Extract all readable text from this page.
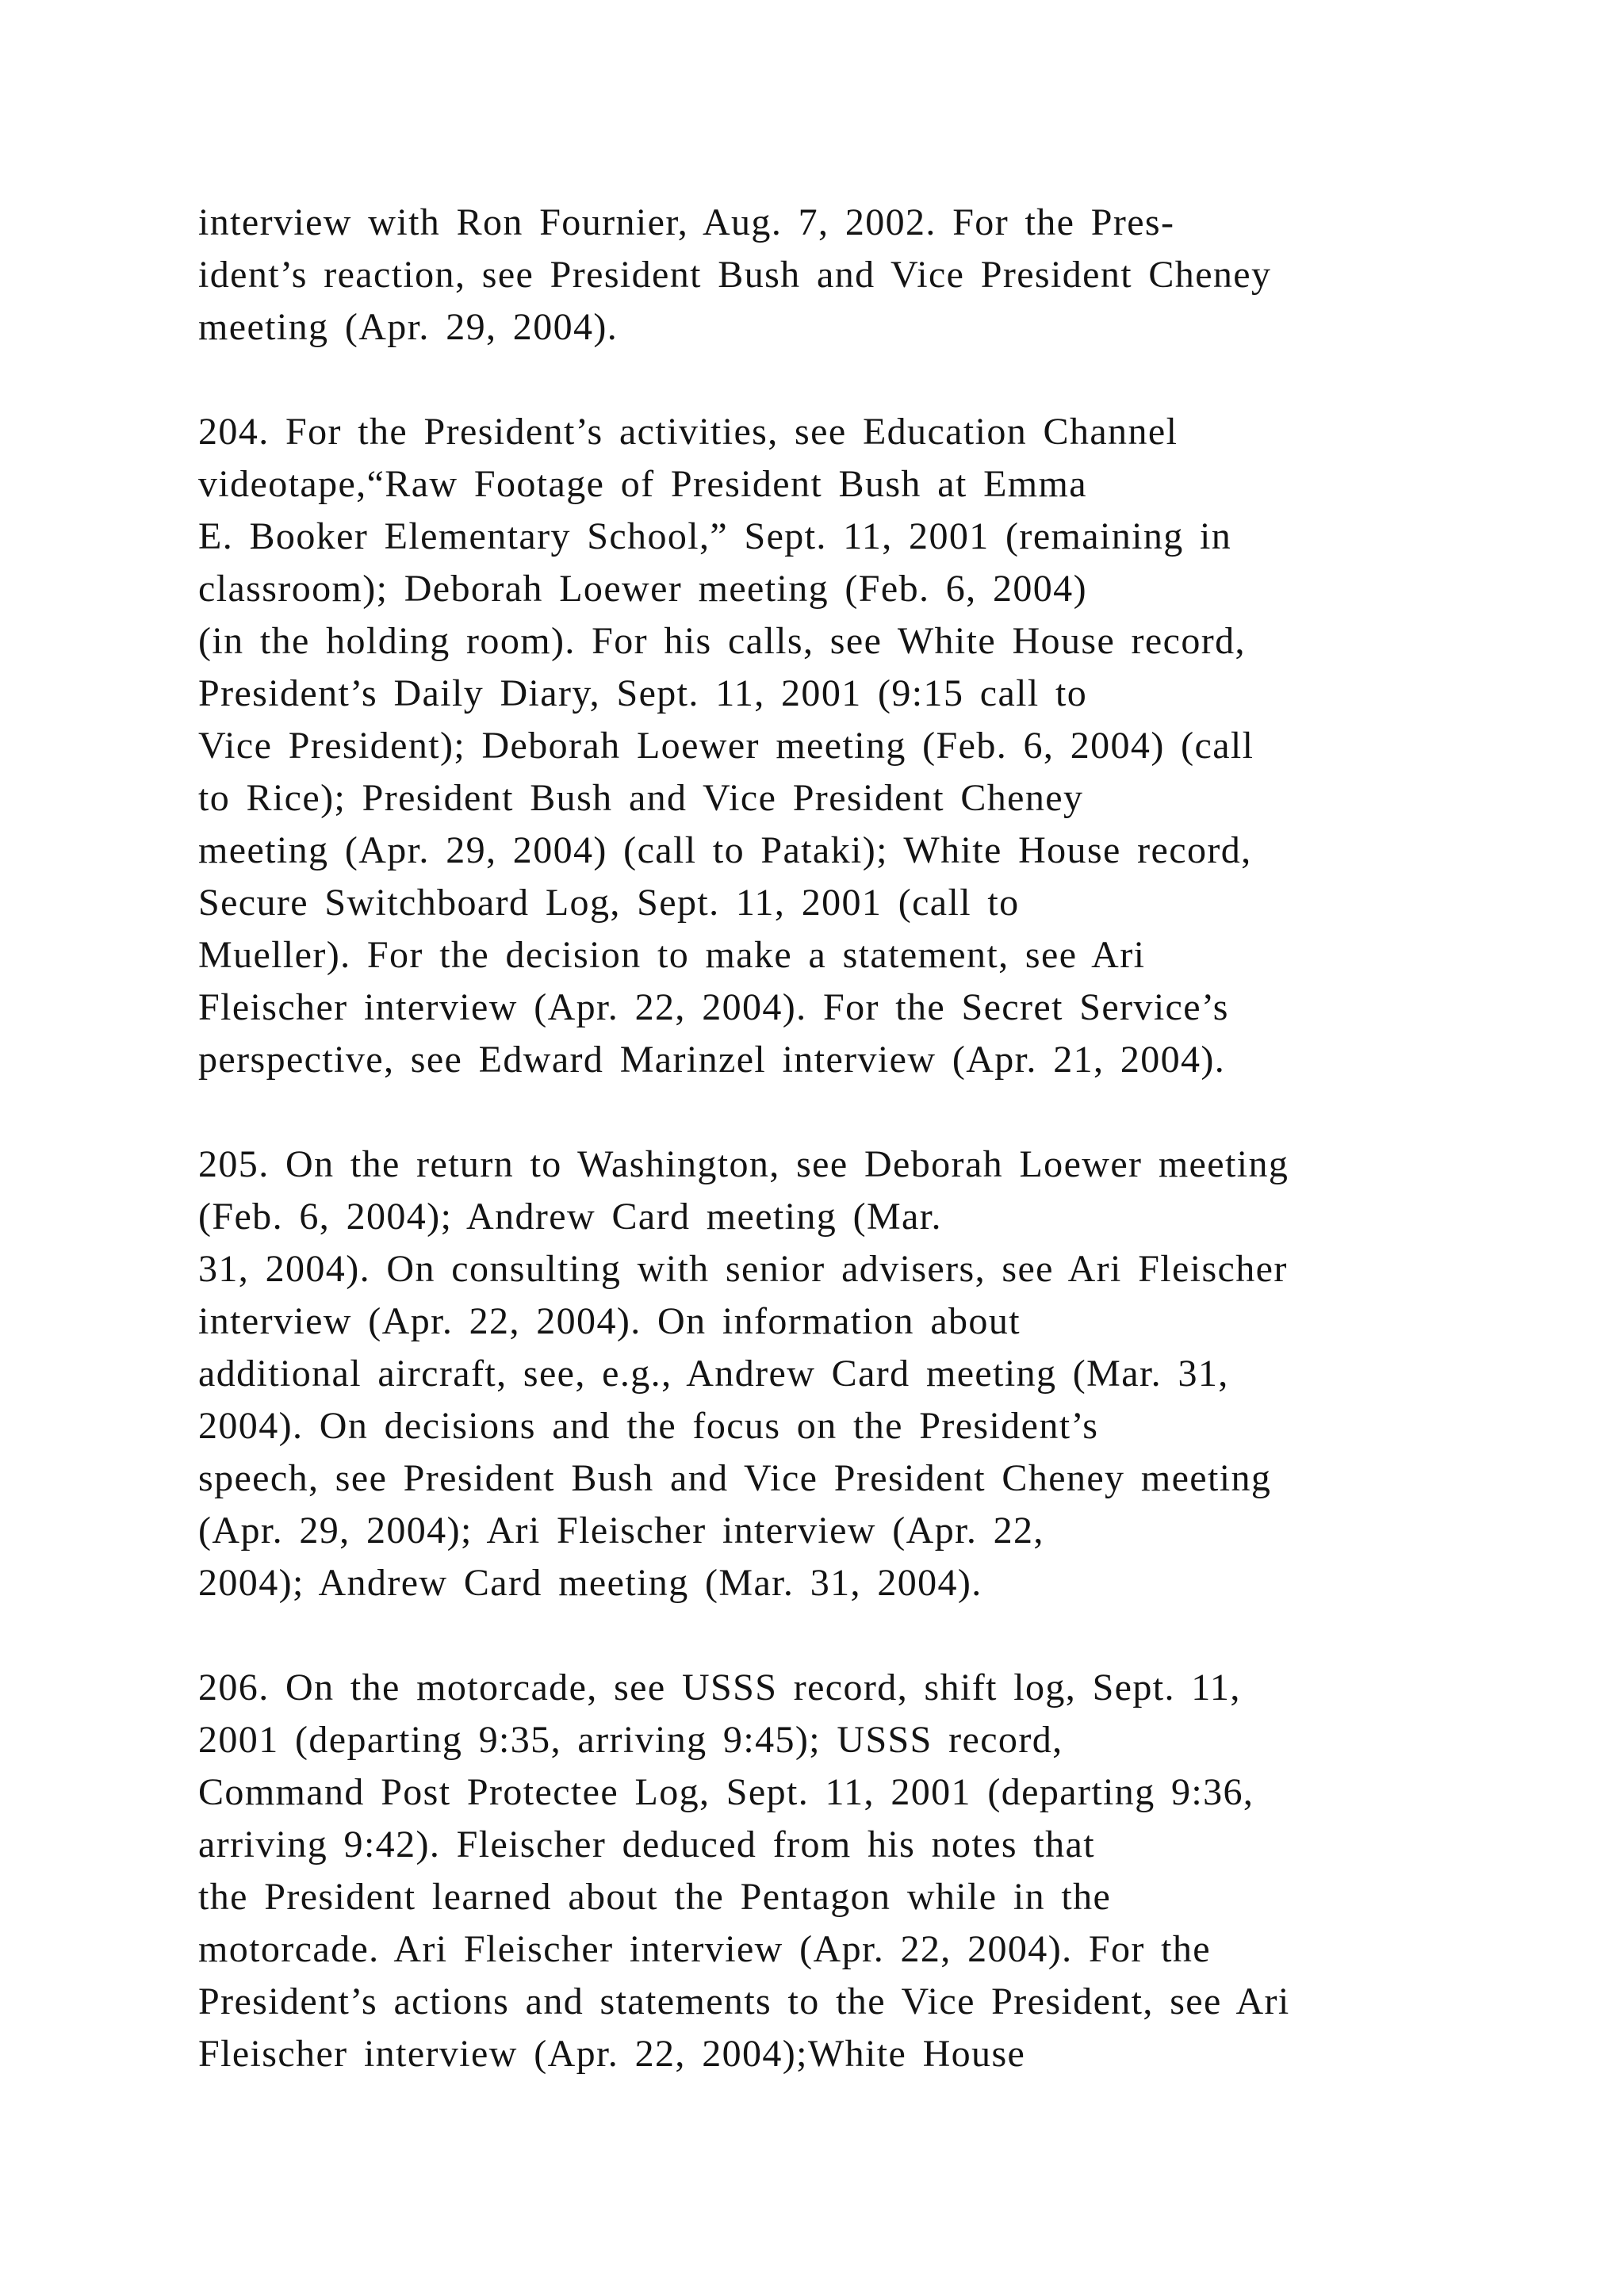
interview with Ron Fournier, Aug. 7, 2002. For the Pres-
ident’s reaction, see President Bush and Vice President Cheney
meeting (Apr. 29, 2004).
204. For the President’s activities, see Education Channel
videotape,“Raw Footage of President Bush at Emma
E. Booker Elementary School,” Sept. 11, 2001 (remaining in
classroom); Deborah Loewer meeting (Feb. 6, 2004)
(in the holding room). For his calls, see White House record,
President’s Daily Diary, Sept. 11, 2001 (9:15 call to
Vice President); Deborah Loewer meeting (Feb. 6, 2004) (call
to Rice); President Bush and Vice President Cheney
meeting (Apr. 29, 2004) (call to Pataki); White House record,
Secure Switchboard Log, Sept. 11, 2001 (call to
Mueller). For the decision to make a statement, see Ari
Fleischer interview (Apr. 22, 2004). For the Secret Service’s
perspective, see Edward Marinzel interview (Apr. 21, 2004).
205. On the return to Washington, see Deborah Loewer meeting
(Feb. 6, 2004); Andrew Card meeting (Mar.
31, 2004). On consulting with senior advisers, see Ari Fleischer
interview (Apr. 22, 2004). On information about
additional aircraft, see, e.g., Andrew Card meeting (Mar. 31,
2004). On decisions and the focus on the President’s
speech, see President Bush and Vice President Cheney meeting
(Apr. 29, 2004); Ari Fleischer interview (Apr. 22,
2004); Andrew Card meeting (Mar. 31, 2004).
206. On the motorcade, see USSS record, shift log, Sept. 11,
2001 (departing 9:35, arriving 9:45); USSS record,
Command Post Protectee Log, Sept. 11, 2001 (departing 9:36,
arriving 9:42). Fleischer deduced from his notes that
the President learned about the Pentagon while in the
motorcade. Ari Fleischer interview (Apr. 22, 2004). For the
President’s actions and statements to the Vice President, see Ari
Fleischer interview (Apr. 22, 2004);White House
